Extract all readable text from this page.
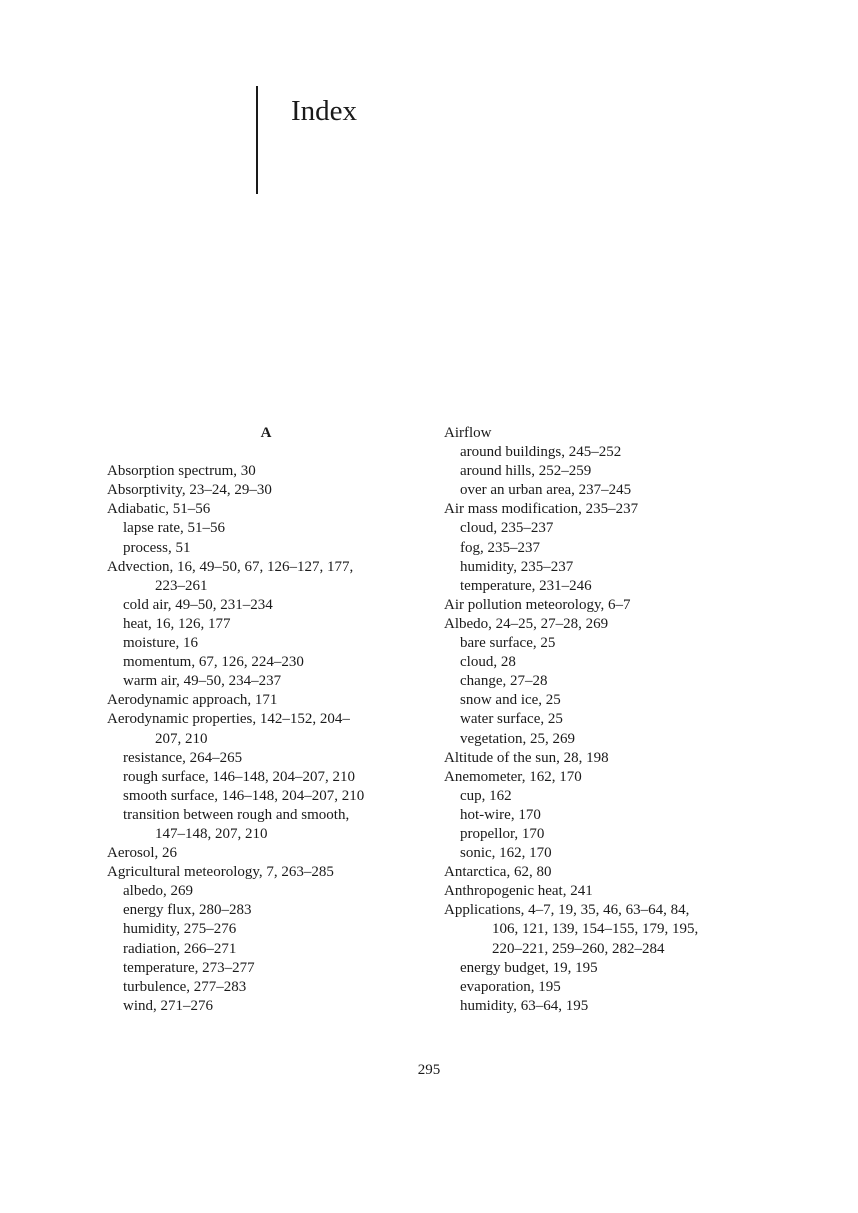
Index
A
Absorption spectrum, 30
Absorptivity, 23–24, 29–30
Adiabatic, 51–56
lapse rate, 51–56
process, 51
Advection, 16, 49–50, 67, 126–127, 177,
223–261
cold air, 49–50, 231–234
heat, 16, 126, 177
moisture, 16
momentum, 67, 126, 224–230
warm air, 49–50, 234–237
Aerodynamic approach, 171
Aerodynamic properties, 142–152, 204–
207, 210
resistance, 264–265
rough surface, 146–148, 204–207, 210
smooth surface, 146–148, 204–207, 210
transition between rough and smooth,
147–148, 207, 210
Aerosol, 26
Agricultural meteorology, 7, 263–285
albedo, 269
energy flux, 280–283
humidity, 275–276
radiation, 266–271
temperature, 273–277
turbulence, 277–283
wind, 271–276
Airflow
around buildings, 245–252
around hills, 252–259
over an urban area, 237–245
Air mass modification, 235–237
cloud, 235–237
fog, 235–237
humidity, 235–237
temperature, 231–246
Air pollution meteorology, 6–7
Albedo, 24–25, 27–28, 269
bare surface, 25
cloud, 28
change, 27–28
snow and ice, 25
water surface, 25
vegetation, 25, 269
Altitude of the sun, 28, 198
Anemometer, 162, 170
cup, 162
hot-wire, 170
propellor, 170
sonic, 162, 170
Antarctica, 62, 80
Anthropogenic heat, 241
Applications, 4–7, 19, 35, 46, 63–64, 84,
106, 121, 139, 154–155, 179, 195,
220–221, 259–260, 282–284
energy budget, 19, 195
evaporation, 195
humidity, 63–64, 195
295
